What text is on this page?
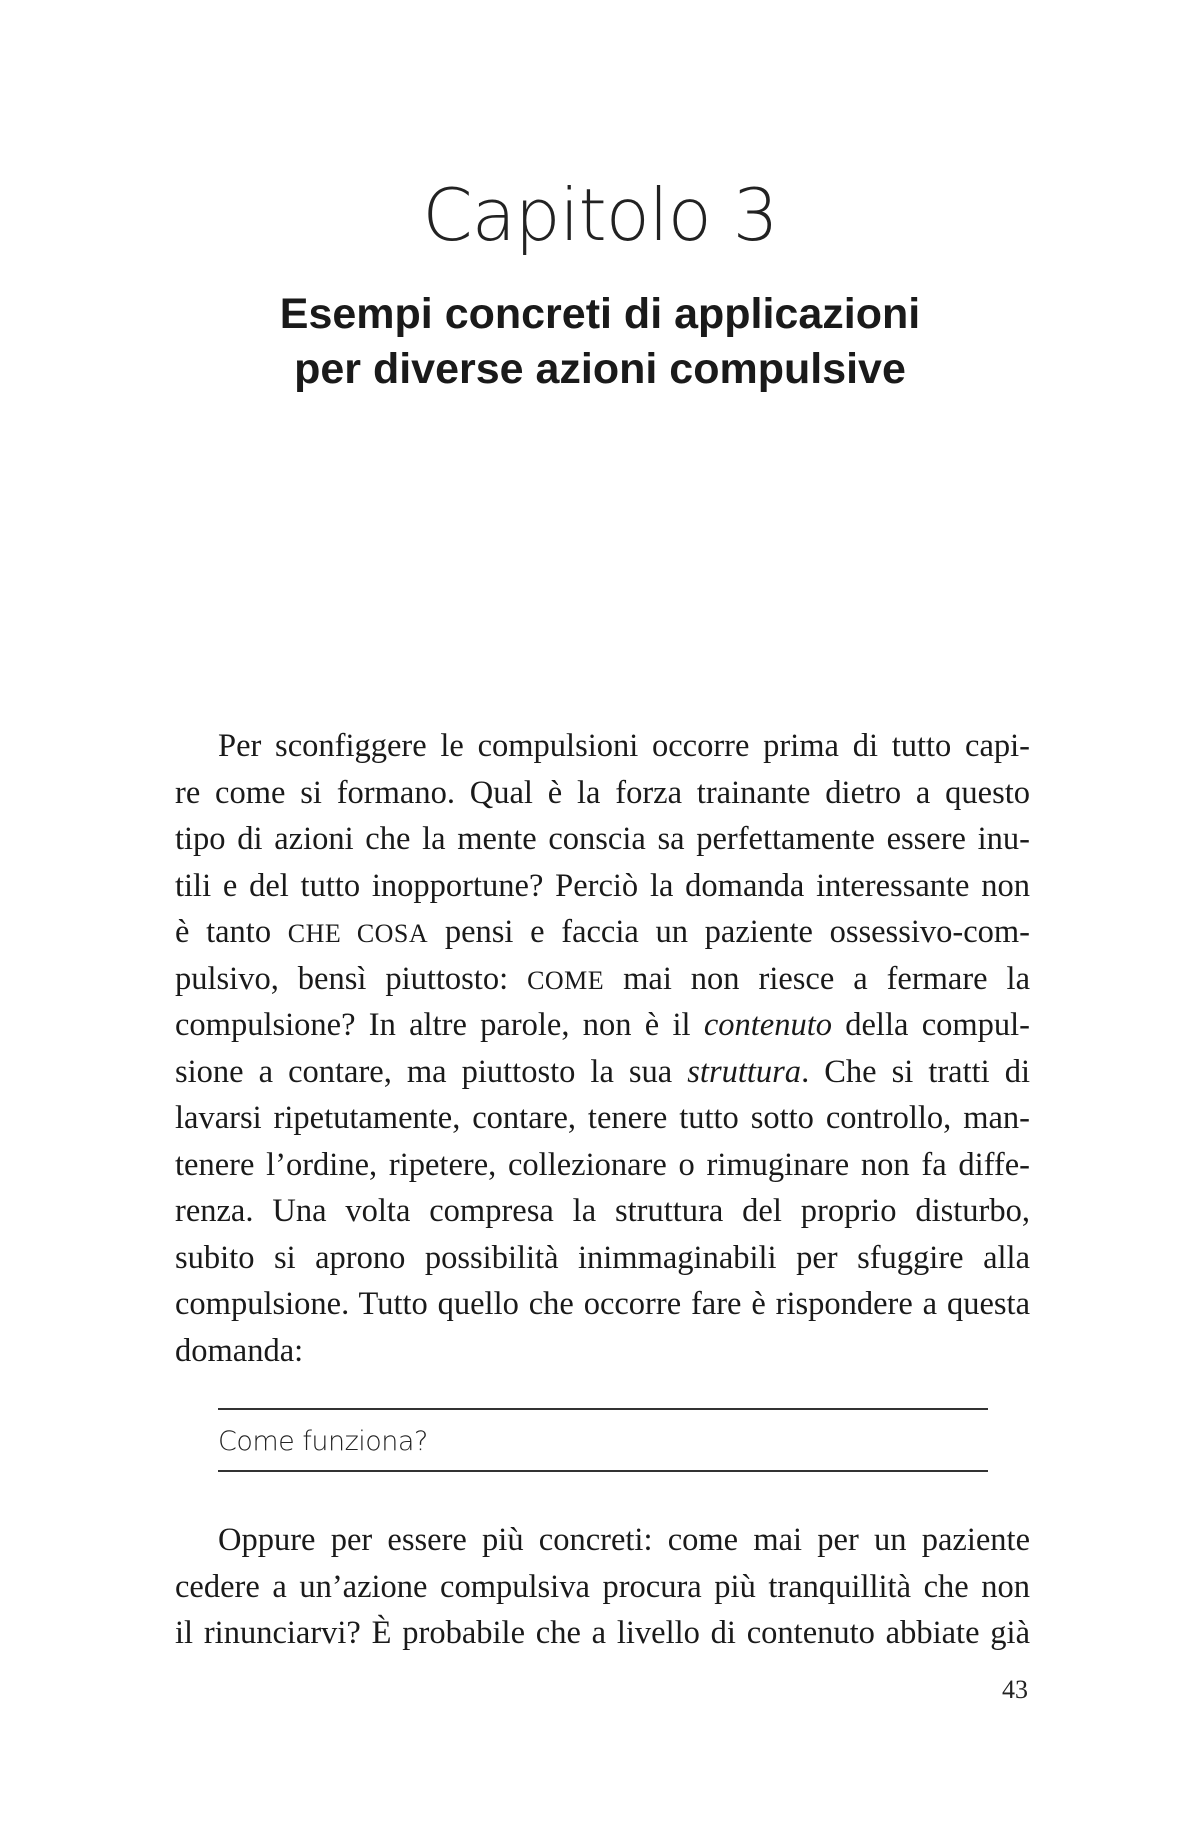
Capitolo 3
Esempi concreti di applicazioni
per diverse azioni compulsive
Per sconfiggere le compulsioni occorre prima di tutto capi-
re come si formano. Qual è la forza trainante dietro a questo
tipo di azioni che la mente conscia sa perfettamente essere inu-
tili e del tutto inopportune? Perciò la domanda interessante non
è tanto CHE COSA pensi e faccia un paziente ossessivo-com-
pulsivo, bensì piuttosto: COME mai non riesce a fermare la
compulsione? In altre parole, non è il contenuto della compul-
sione a contare, ma piuttosto la sua struttura. Che si tratti di
lavarsi ripetutamente, contare, tenere tutto sotto controllo, man-
tenere l’ordine, ripetere, collezionare o rimuginare non fa diffe-
renza. Una volta compresa la struttura del proprio disturbo,
subito si aprono possibilità inimmaginabili per sfuggire alla
compulsione. Tutto quello che occorre fare è rispondere a questa
domanda:
Come funziona?
Oppure per essere più concreti: come mai per un paziente
cedere a un’azione compulsiva procura più tranquillità che non
il rinunciarvi? È probabile che a livello di contenuto abbiate già
43
